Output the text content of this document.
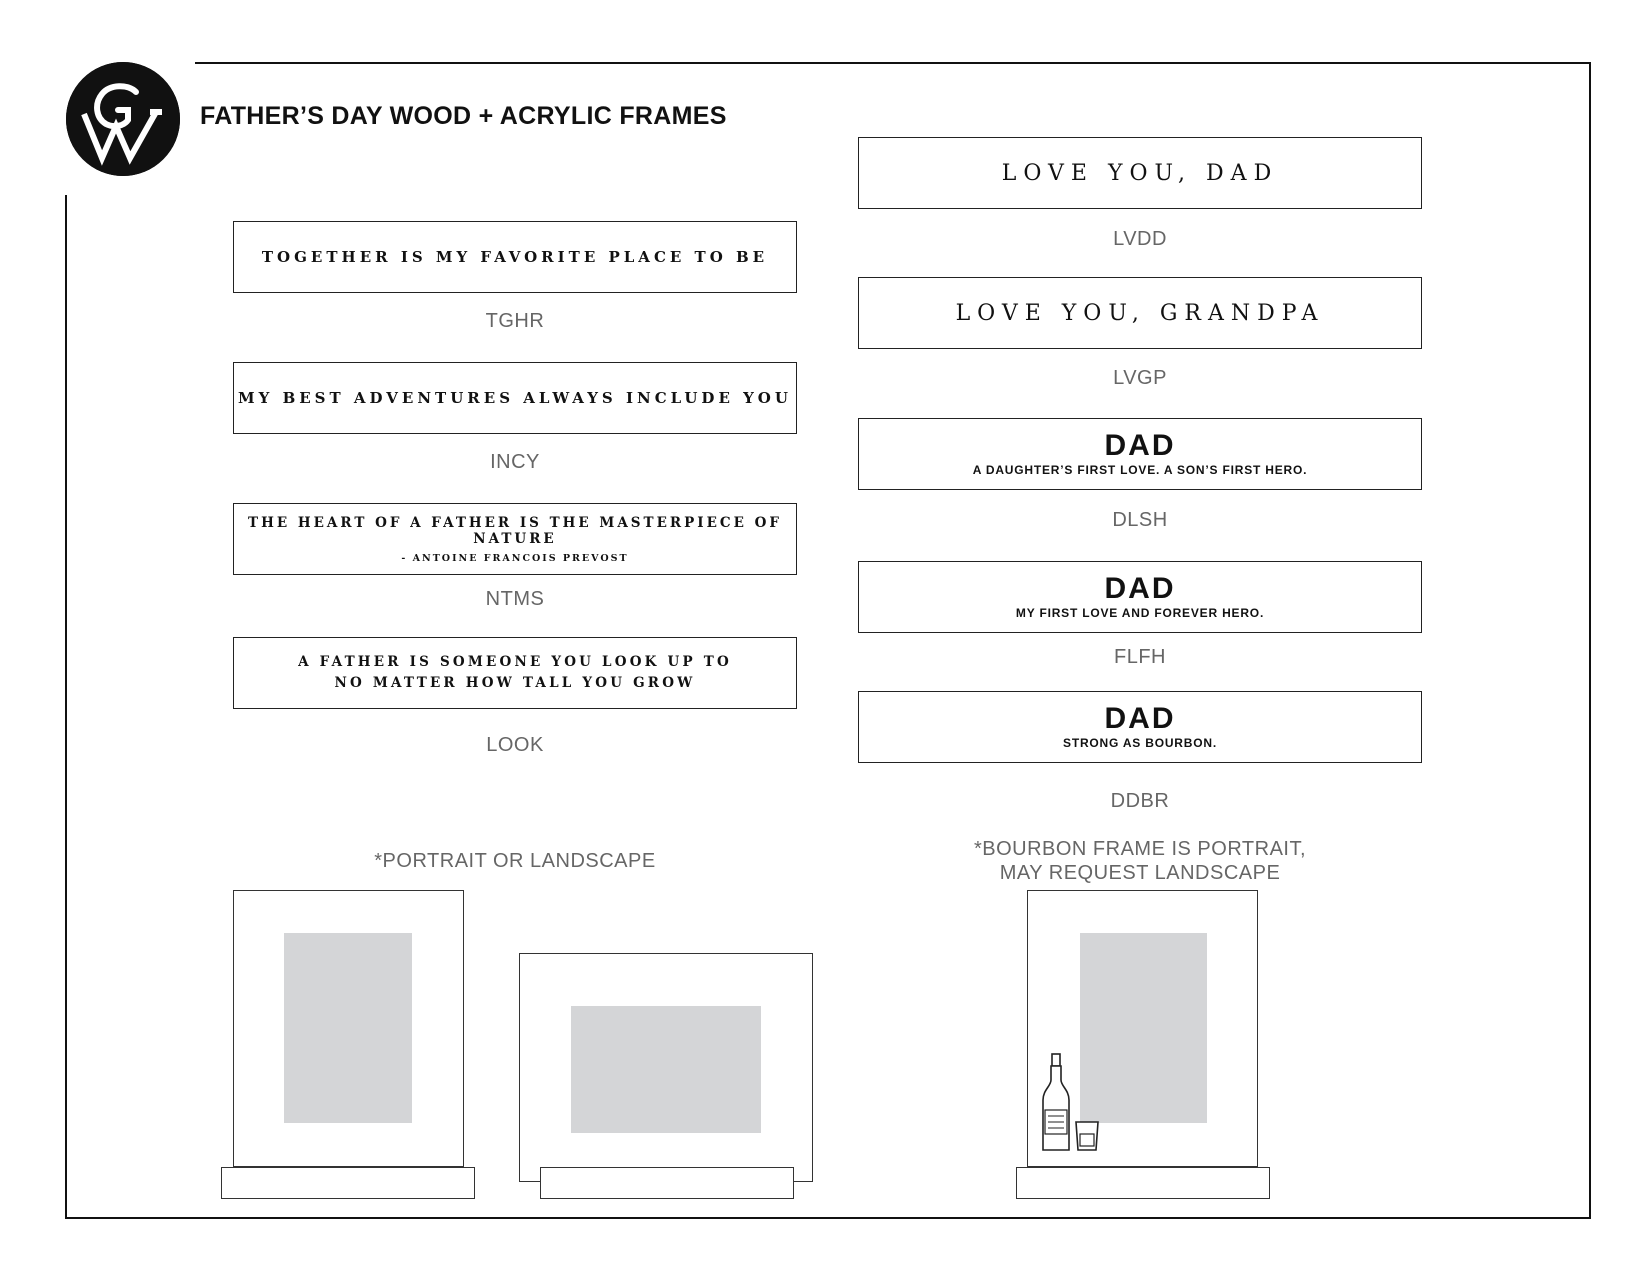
FATHER’S DAY WOOD + ACRYLIC FRAMES
TOGETHER IS MY FAVORITE PLACE TO BE
TGHR
MY BEST ADVENTURES ALWAYS INCLUDE YOU
INCY
THE HEART OF A FATHER IS THE MASTERPIECE OF NATURE
- ANTOINE FRANCOIS PREVOST
NTMS
A FATHER IS SOMEONE YOU LOOK UP TO
NO MATTER HOW TALL YOU GROW
LOOK
LOVE YOU, DAD
LVDD
LOVE YOU, GRANDPA
LVGP
DAD
A DAUGHTER’S FIRST LOVE. A SON’S FIRST HERO.
DLSH
DAD
MY FIRST LOVE AND FOREVER HERO.
FLFH
DAD
STRONG AS BOURBON.
DDBR
*PORTRAIT OR LANDSCAPE
*BOURBON FRAME IS PORTRAIT,
MAY REQUEST LANDSCAPE
